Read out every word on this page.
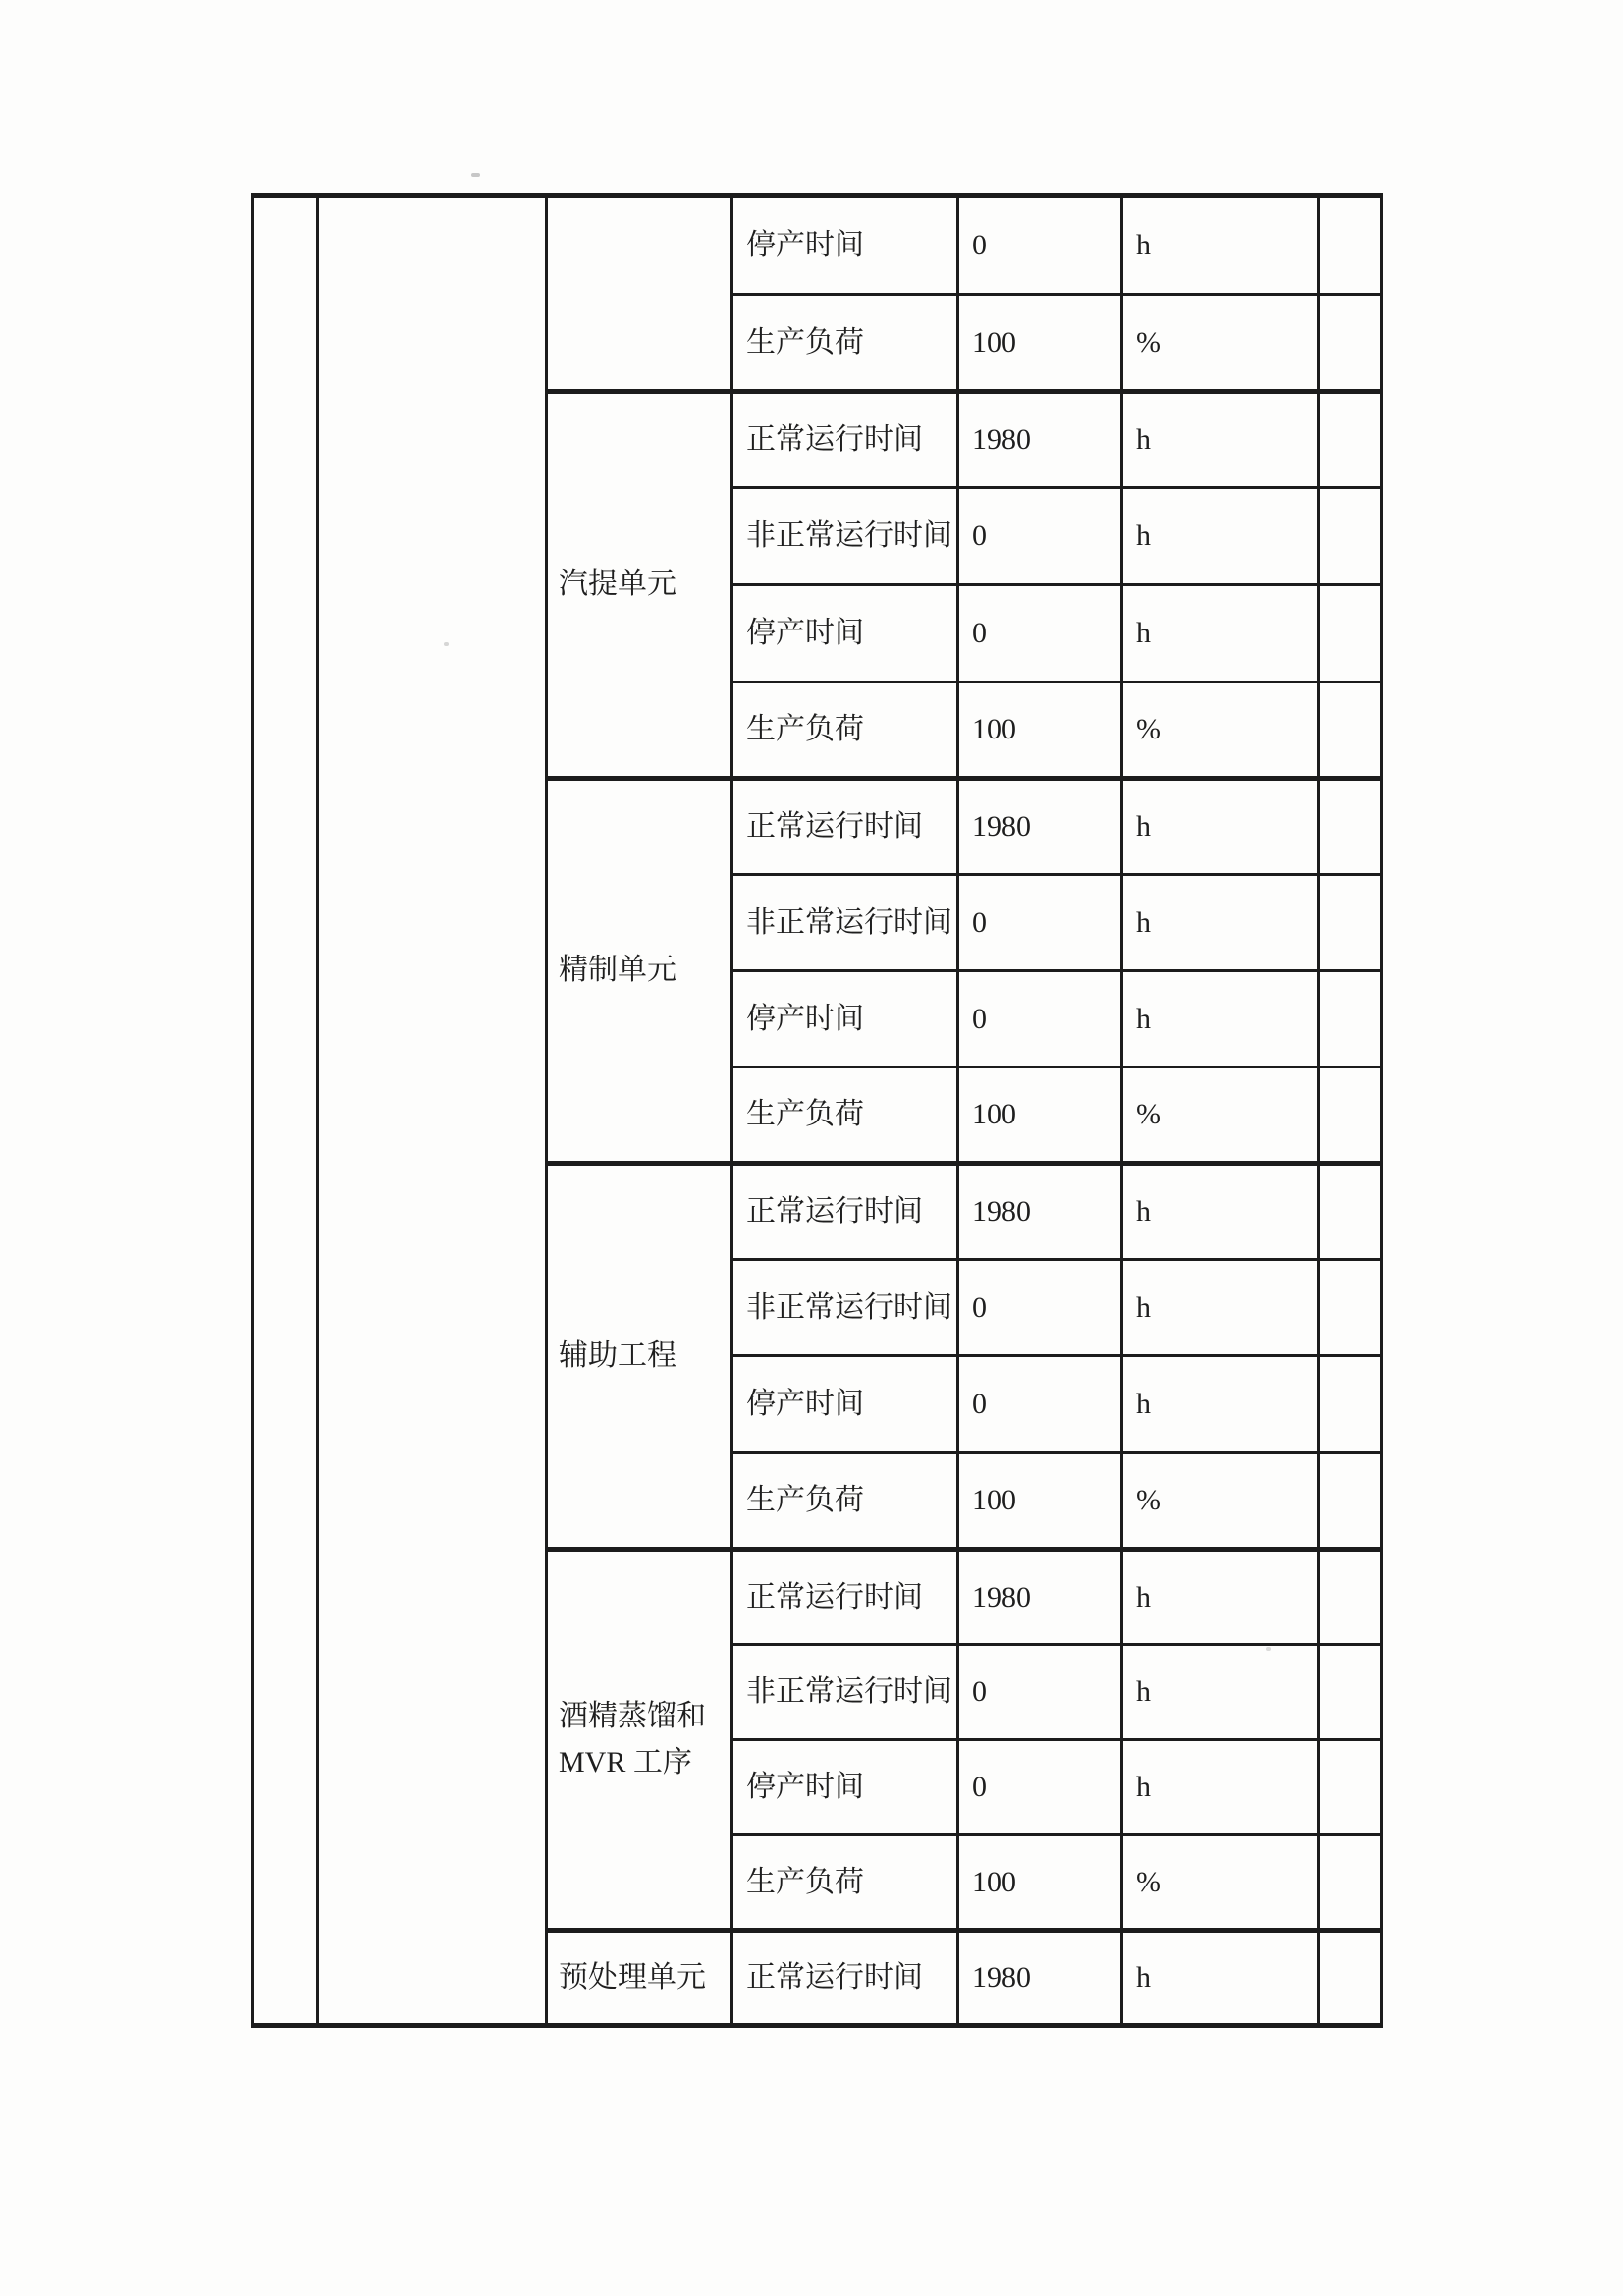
			停产时间	0	h	
			生产负荷	100	%	

		汽提单元	正常运行时间	1980	h	
			非正常运行时间	0	h	
			停产时间	0	h	
			生产负荷	100	%	

		精制单元	正常运行时间	1980	h	
			非正常运行时间	0	h	
			停产时间	0	h	
			生产负荷	100	%	

		辅助工程	正常运行时间	1980	h	
			非正常运行时间	0	h	
			停产时间	0	h	
			生产负荷	100	%	

		酒精蒸馏和
MVR 工序	正常运行时间	1980	h	
			非正常运行时间	0	h	
			停产时间	0	h	
			生产负荷	100	%	

		预处理单元	正常运行时间	1980	h	
